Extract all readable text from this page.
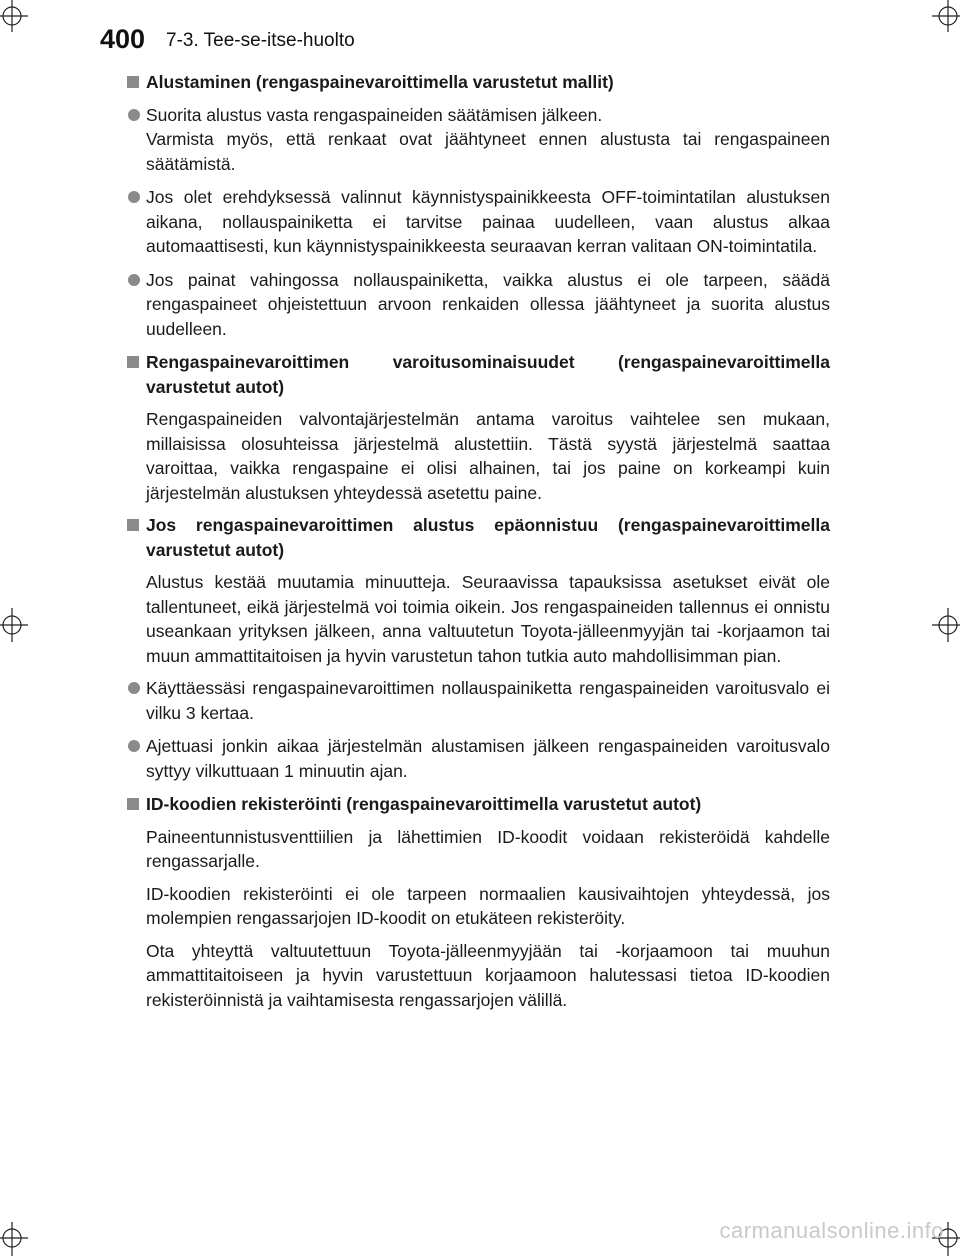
400 7-3. Tee-se-itse-huolto
Alustaminen (rengaspainevaroittimella varustetut mallit)
Suorita alustus vasta rengaspaineiden säätämisen jälkeen.
Varmista myös, että renkaat ovat jäähtyneet ennen alustusta tai rengaspaineen säätämistä.
Jos olet erehdyksessä valinnut käynnistyspainikkeesta OFF-toimintatilan alustuksen aikana, nollauspainiketta ei tarvitse painaa uudelleen, vaan alustus alkaa automaattisesti, kun käynnistyspainikkeesta seuraavan kerran valitaan ON-toimintatila.
Jos painat vahingossa nollauspainiketta, vaikka alustus ei ole tarpeen, säädä rengaspaineet ohjeistettuun arvoon renkaiden ollessa jäähtyneet ja suorita alustus uudelleen.
Rengaspainevaroittimen varoitusominaisuudet (rengaspainevaroittimella varustetut autot)
Rengaspaineiden valvontajärjestelmän antama varoitus vaihtelee sen mukaan, millaisissa olosuhteissa järjestelmä alustettiin. Tästä syystä järjestelmä saattaa varoittaa, vaikka rengaspaine ei olisi alhainen, tai jos paine on korkeampi kuin järjestelmän alustuksen yhteydessä asetettu paine.
Jos rengaspainevaroittimen alustus epäonnistuu (rengaspainevaroittimella varustetut autot)
Alustus kestää muutamia minuutteja. Seuraavissa tapauksissa asetukset eivät ole tallentuneet, eikä järjestelmä voi toimia oikein. Jos rengaspaineiden tallennus ei onnistu useankaan yrityksen jälkeen, anna valtuutetun Toyota-jälleenmyyjän tai -korjaamon tai muun ammattitaitoisen ja hyvin varustetun tahon tutkia auto mahdollisimman pian.
Käyttäessäsi rengaspainevaroittimen nollauspainiketta rengaspaineiden varoitusvalo ei vilku 3 kertaa.
Ajettuasi jonkin aikaa järjestelmän alustamisen jälkeen rengaspaineiden varoitusvalo syttyy vilkuttuaan 1 minuutin ajan.
ID-koodien rekisteröinti (rengaspainevaroittimella varustetut autot)
Paineentunnistusventtiilien ja lähettimien ID-koodit voidaan rekisteröidä kahdelle rengassarjalle.
ID-koodien rekisteröinti ei ole tarpeen normaalien kausivaihtojen yhteydessä, jos molempien rengassarjojen ID-koodit on etukäteen rekisteröity.
Ota yhteyttä valtuutettuun Toyota-jälleenmyyjään tai -korjaamoon tai muuhun ammattitaitoiseen ja hyvin varustettuun korjaamoon halutessasi tietoa ID-koodien rekisteröinnistä ja vaihtamisesta rengassarjojen välillä.
carmanualsonline.info
